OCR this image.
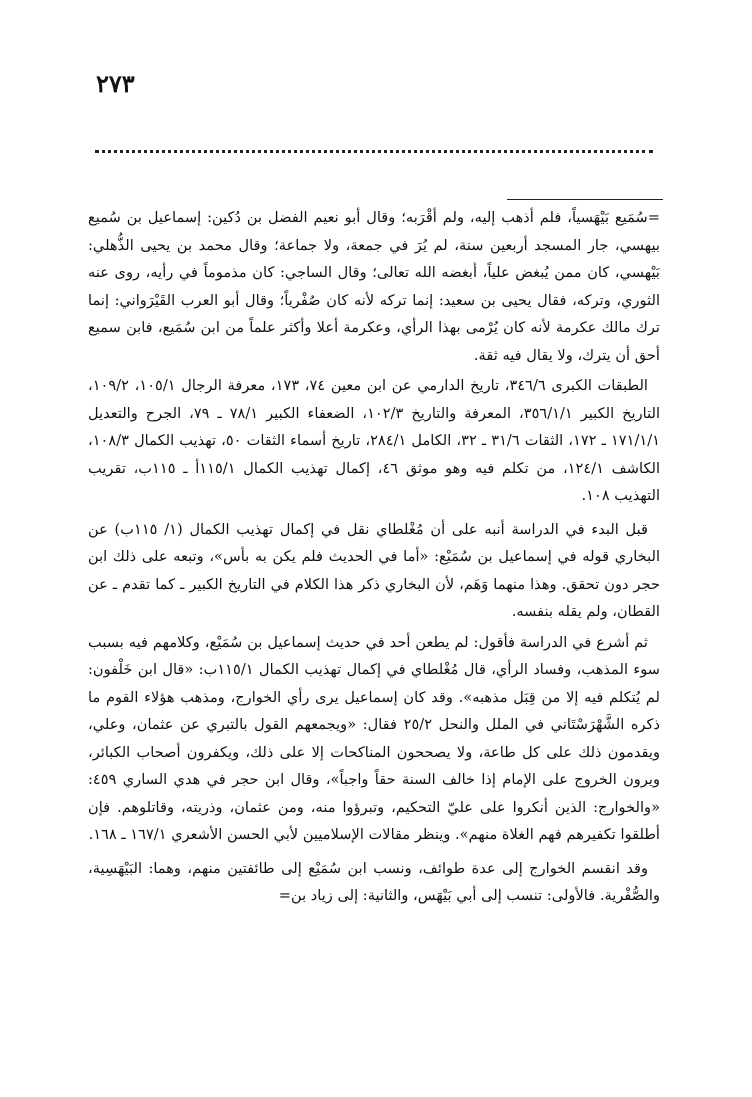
٢٧٣

=سُمَيع بَيْهَسياً، فلم أذهب إليه، ولم أقْرَبه؛ وقال أبو نعيم الفضل بن دُكين: إسماعيل بن سُميع بيهسي، جار المسجد أربعين سنة، لم يُرَ في جمعة، ولا جماعة؛ وقال محمد بن يحيى الذُّهلي: بَيْهسي، كان ممن يُبغض علياً، أبغضه الله تعالى؛ وقال الساجي: كان مذموماً في رأيه، روى عنه الثوري، وتركه، فقال يحيى بن سعيد: إنما تركه لأنه كان صُفْرياً؛ وقال أبو العرب القَيْرَواني: إنما ترك مالك عكرمة لأنه كان يُرْمى بهذا الرأي، وعكرمة أعلا وأكثر علماً من ابن سُمَيع، فابن سميع أحق أن يترك، ولا يقال فيه ثقة.

الطبقات الكبرى ٣٤٦/٦، تاريخ الدارمي عن ابن معين ٧٤، ١٧٣، معرفة الرجال ١٠٥/١، ١٠٩/٢، التاريخ الكبير ٣٥٦/١/١، المعرفة والتاريخ ١٠٢/٣، الضعفاء الكبير ٧٨/١ ـ ٧٩، الجرح والتعديل ١٧١/١/١ ـ ١٧٢، الثقات ٣١/٦ ـ ٣٢، الكامل ٢٨٤/١، تاريخ أسماء الثقات ٥٠، تهذيب الكمال ١٠٨/٣، الكاشف ١٢٤/١، من تكلم فيه وهو موثق ٤٦، إكمال تهذيب الكمال ١١٥/١أ ـ ١١٥ب، تقريب التهذيب ١٠٨.

قبل البدء في الدراسة أنبه على أن مُغْلطاي نقل في إكمال تهذيب الكمال (١/ ١١٥ب) عن البخاري قوله في إسماعيل بن سُمَيْع: «أما في الحديث فلم يكن به بأس»، وتبعه على ذلك ابن حجر دون تحقق. وهذا منهما وَهَم، لأن البخاري ذكر هذا الكلام في التاريخ الكبير ـ كما تقدم ـ عن القطان، ولم يقله بنفسه.

ثم أشرع في الدراسة فأقول: لم يطعن أحد في حديث إسماعيل بن سُمَيْع، وكلامهم فيه بسبب سوء المذهب، وفساد الرأي، قال مُغْلطاي في إكمال تهذيب الكمال ١١٥/١ب: «قال ابن خَلْفون: لم يُتكلم فيه إلا من قِبَل مذهبه». وقد كان إسماعيل يرى رأي الخوارج، ومذهب هؤلاء القوم ما ذكره الشَّهْرَسْتَاني في الملل والنحل ٢٥/٢ فقال: «ويجمعهم القول بالتبري عن عثمان، وعلي، ويقدمون ذلك على كل طاعة، ولا يصححون المناكحات إلا على ذلك، ويكفرون أصحاب الكبائر، ويرون الخروج على الإمام إذا خالف السنة حقاً واجباً»، وقال ابن حجر في هدي الساري ٤٥٩: «والخوارج: الذين أنكروا على عليّ التحكيم، وتبرؤوا منه، ومن عثمان، وذريته، وقاتلوهم. فإن أطلقوا تكفيرهم فهم الغلاة منهم». وينظر مقالات الإسلاميين لأبي الحسن الأشعري ١٦٧/١ ـ ١٦٨.

وقد انقسم الخوارج إلى عدة طوائف، ونسب ابن سُمَيْع إلى طائفتين منهم، وهما: البَيْهَسِية، والصُّفْرية. فالأولى: تنسب إلى أبي بَيْهَس، والثانية: إلى زياد بن=
